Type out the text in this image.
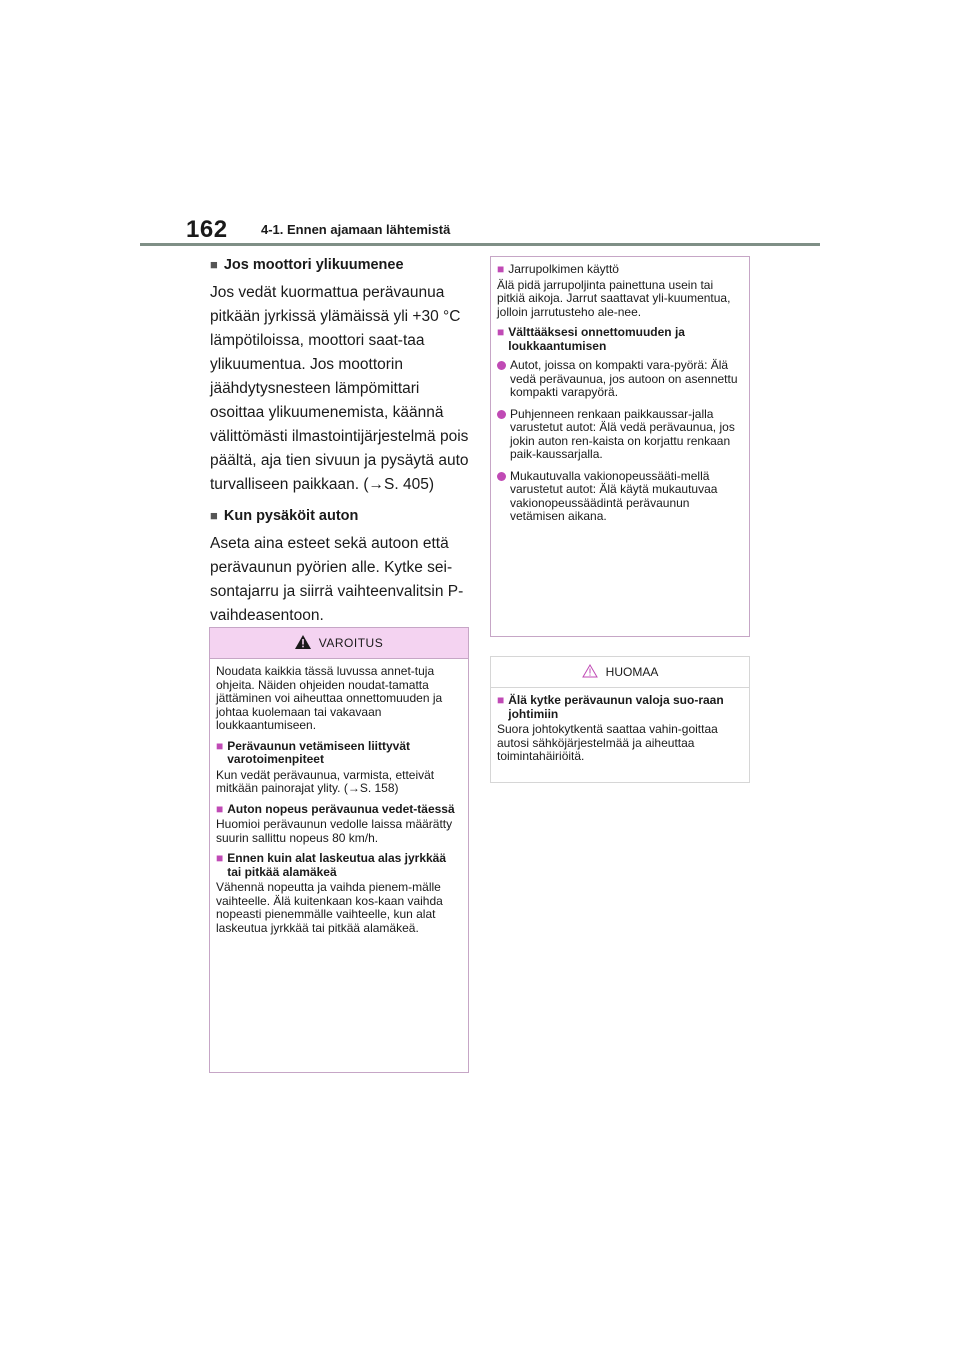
162	4-1. Ennen ajamaan lähtemistä
■ Jos moottori ylikuumenee

Jos vedät kuormattua perävaunua pitkään jyrkissä ylämäissä yli +30 °C lämpötiloissa, moottori saat-taa ylikuumentua. Jos moottorin jäähdytysnesteen lämpömittari osoittaa ylikuumenemista, käännä välittömästi ilmastointijärjestelmä pois päältä, aja tien sivuun ja pysäytä auto turvalliseen paikkaan. (→S. 405)

■ Kun pysäköit auton

Aseta aina esteet sekä autoon että perävaunun pyörien alle. Kytke sei-sontajarru ja siirrä vaihteenvalitsin P-vaihdeasentoon.

VAROITUS

Noudata kaikkia tässä luvussa annet-tuja ohjeita. Näiden ohjeiden noudat-tamatta jättäminen voi aiheuttaa onnettomuuden ja johtaa kuolemaan tai vakavaan loukkaantumiseen.

■ Perävaunun vetämiseen liittyvät varotoimenpiteet

Kun vedät perävaunua, varmista, etteivät mitkään painorajat ylity. (→S. 158)

■ Auton nopeus perävaunua vedet-täessä

Huomioi perävaunun vedolle laissa määrätty suurin sallittu nopeus 80 km/h.

■ Ennen kuin alat laskeutua alas jyrkkää tai pitkää alamäkeä

Vähennä nopeutta ja vaihda pienem-mälle vaihteelle. Älä kuitenkaan kos-kaan vaihda nopeasti pienemmälle vaihteelle, kun alat laskeutua jyrkkää tai pitkää alamäkeä.

■ Jarrupolkimen käyttö

Älä pidä jarrupoljinta painettuna usein tai pitkiä aikoja. Jarrut saattavat yli-kuumentua, jolloin jarrutusteho ale-nee.

■ Välttääksesi onnettomuuden ja loukkaantumisen
Autot, joissa on kompakti vara-pyörä: Älä vedä perävaunua, jos autoon on asennettu kompakti varapyörä.
Puhjenneen renkaan paikkaussar-jalla varustetut autot: Älä vedä perävaunua, jos jokin auton ren-kaista on korjattu renkaan paik-kaussarjalla.
Mukautuvalla vakionopeussääti-mellä varustetut autot: Älä käytä mukautuvaa vakionopeussäädintä perävaunun vetämisen aikana.
HUOMAA
■ Älä kytke perävaunun valoja suo-raan johtimiin

Suora johtokytkentä saattaa vahin-goittaa autosi sähköjärjestelmää ja aiheuttaa toimintahäiriöitä.
